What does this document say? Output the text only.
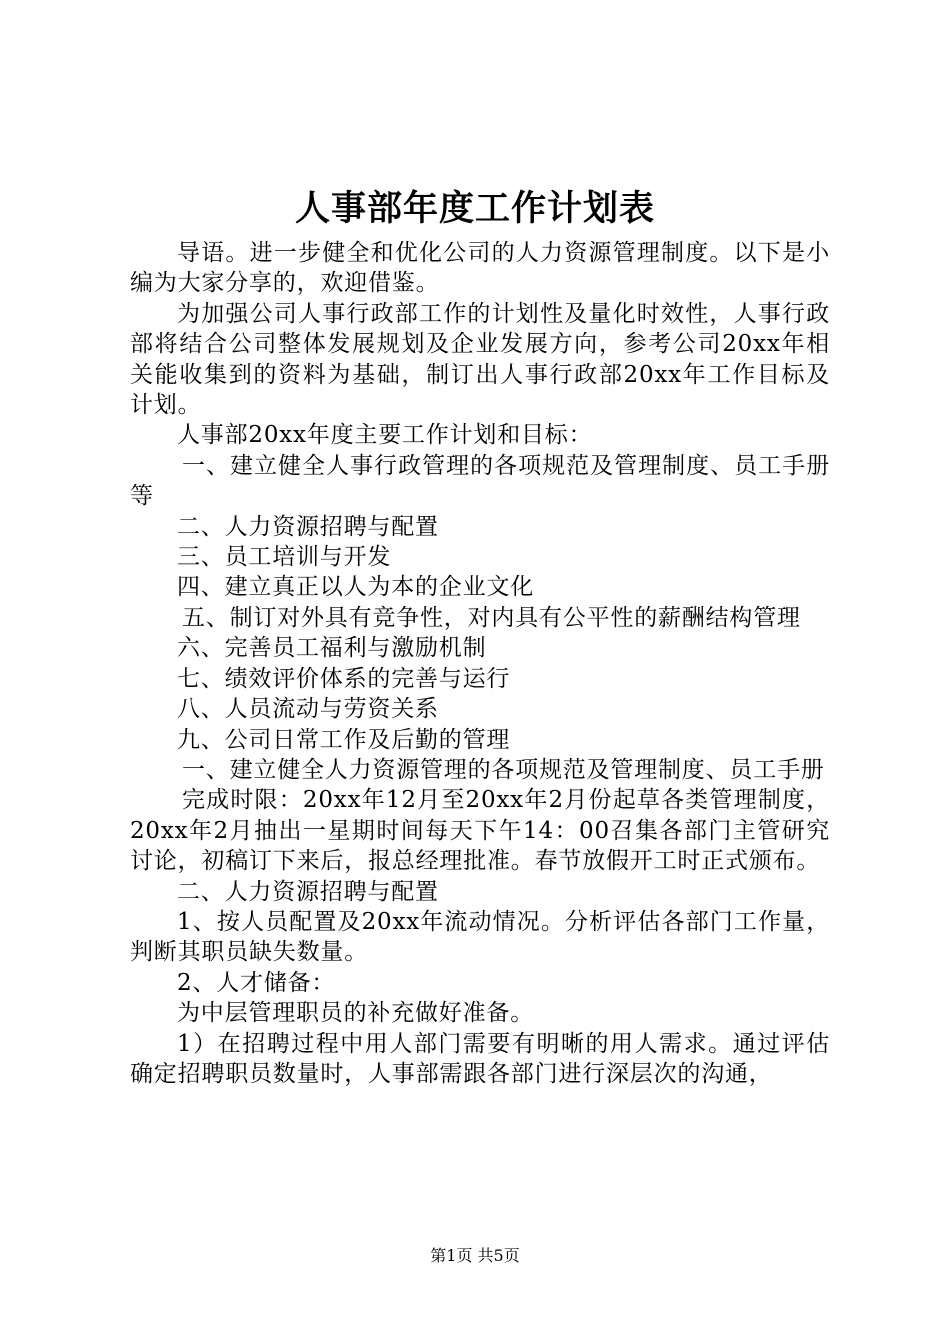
人事部年度工作计划表

导语。进一步健全和优化公司的人力资源管理制度。以下是小编为大家分享的，欢迎借鉴。

为加强公司人事行政部工作的计划性及量化时效性，人事行政部将结合公司整体发展规划及企业发展方向，参考公司20xx年相关能收集到的资料为基础，制订出人事行政部20xx年工作目标及计划。

人事部20xx年度主要工作计划和目标：

一、建立健全人事行政管理的各项规范及管理制度、员工手册等

二、人力资源招聘与配置

三、员工培训与开发

四、建立真正以人为本的企业文化

五、制订对外具有竞争性，对内具有公平性的薪酬结构管理

六、完善员工福利与激励机制

七、绩效评价体系的完善与运行

八、人员流动与劳资关系

九、公司日常工作及后勤的管理

一、建立健全人力资源管理的各项规范及管理制度、员工手册

完成时限：20xx年12月至20xx年2月份起草各类管理制度，20xx年2月抽出一星期时间每天下午14：00召集各部门主管研究讨论，初稿订下来后，报总经理批准。春节放假开工时正式颁布。

二、人力资源招聘与配置

1、按人员配置及20xx年流动情况。分析评估各部门工作量，判断其职员缺失数量。

2、人才储备：

为中层管理职员的补充做好准备。

1）在招聘过程中用人部门需要有明晰的用人需求。通过评估确定招聘职员数量时，人事部需跟各部门进行深层次的沟通，

第1页 共5页
